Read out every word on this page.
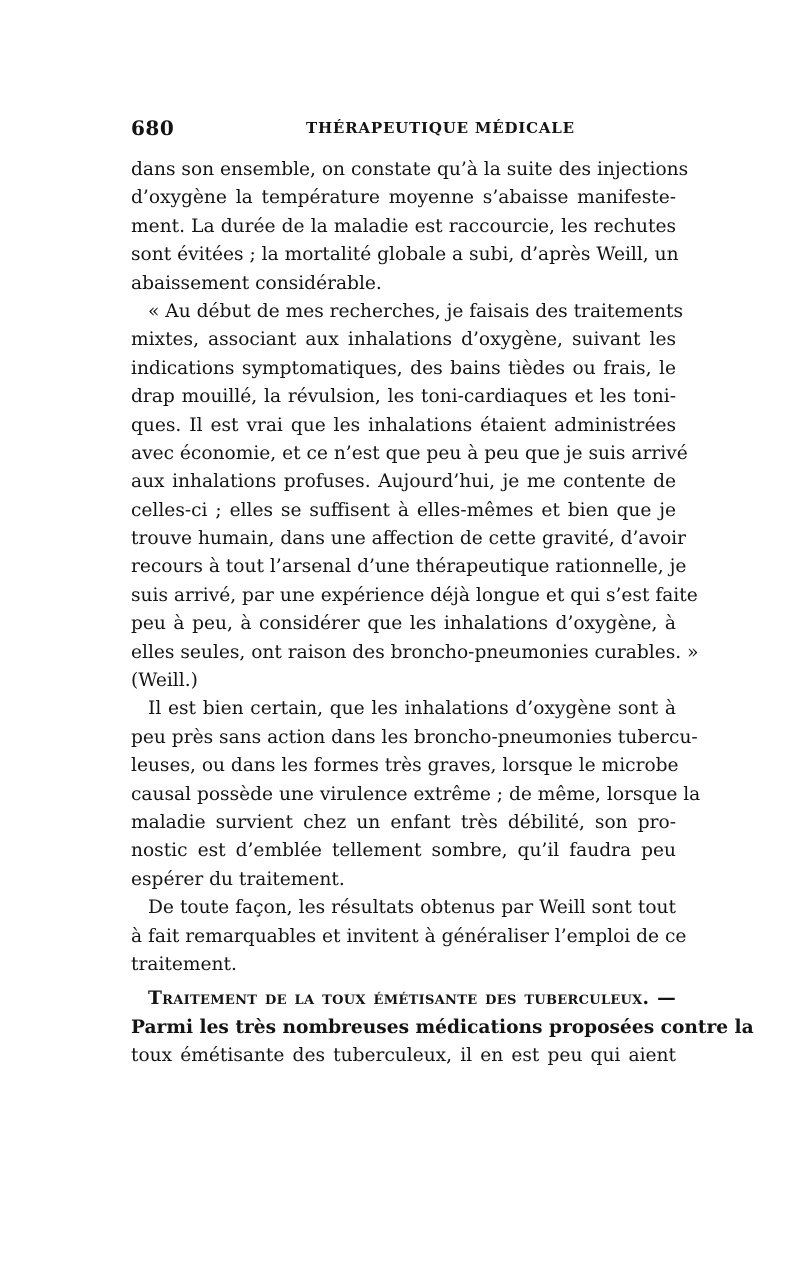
680	THÉRAPEUTIQUE MÉDICALE
dans son ensemble, on constate qu’à la suite des injections
d’oxygène la température moyenne s’abaisse manifeste-
ment. La durée de la maladie est raccourcie, les rechutes
sont évitées ; la mortalité globale a subi, d’après Weill, un
abaissement considérable.
« Au début de mes recherches, je faisais des traitements
mixtes, associant aux inhalations d’oxygène, suivant les
indications symptomatiques, des bains tièdes ou frais, le
drap mouillé, la révulsion, les toni-cardiaques et les toni-
ques. Il est vrai que les inhalations étaient administrées
avec économie, et ce n’est que peu à peu que je suis arrivé
aux inhalations profuses. Aujourd’hui, je me contente de
celles-ci ; elles se suffisent à elles-mêmes et bien que je
trouve humain, dans une affection de cette gravité, d’avoir
recours à tout l’arsenal d’une thérapeutique rationnelle, je
suis arrivé, par une expérience déjà longue et qui s’est faite
peu à peu, à considérer que les inhalations d’oxygène, à
elles seules, ont raison des broncho-pneumonies curables. »
(Weill.)
Il est bien certain, que les inhalations d’oxygène sont à
peu près sans action dans les broncho-pneumonies tubercu-
leuses, ou dans les formes très graves, lorsque le microbe
causal possède une virulence extrême ; de même, lorsque la
maladie survient chez un enfant très débilité, son pro-
nostic est d’emblée tellement sombre, qu’il faudra peu
espérer du traitement.
De toute façon, les résultats obtenus par Weill sont tout
à fait remarquables et invitent à généraliser l’emploi de ce
traitement.
Traitement de la toux émétisante des tuberculeux. —
Parmi les très nombreuses médications proposées contre la
toux émétisante des tuberculeux, il en est peu qui aient
